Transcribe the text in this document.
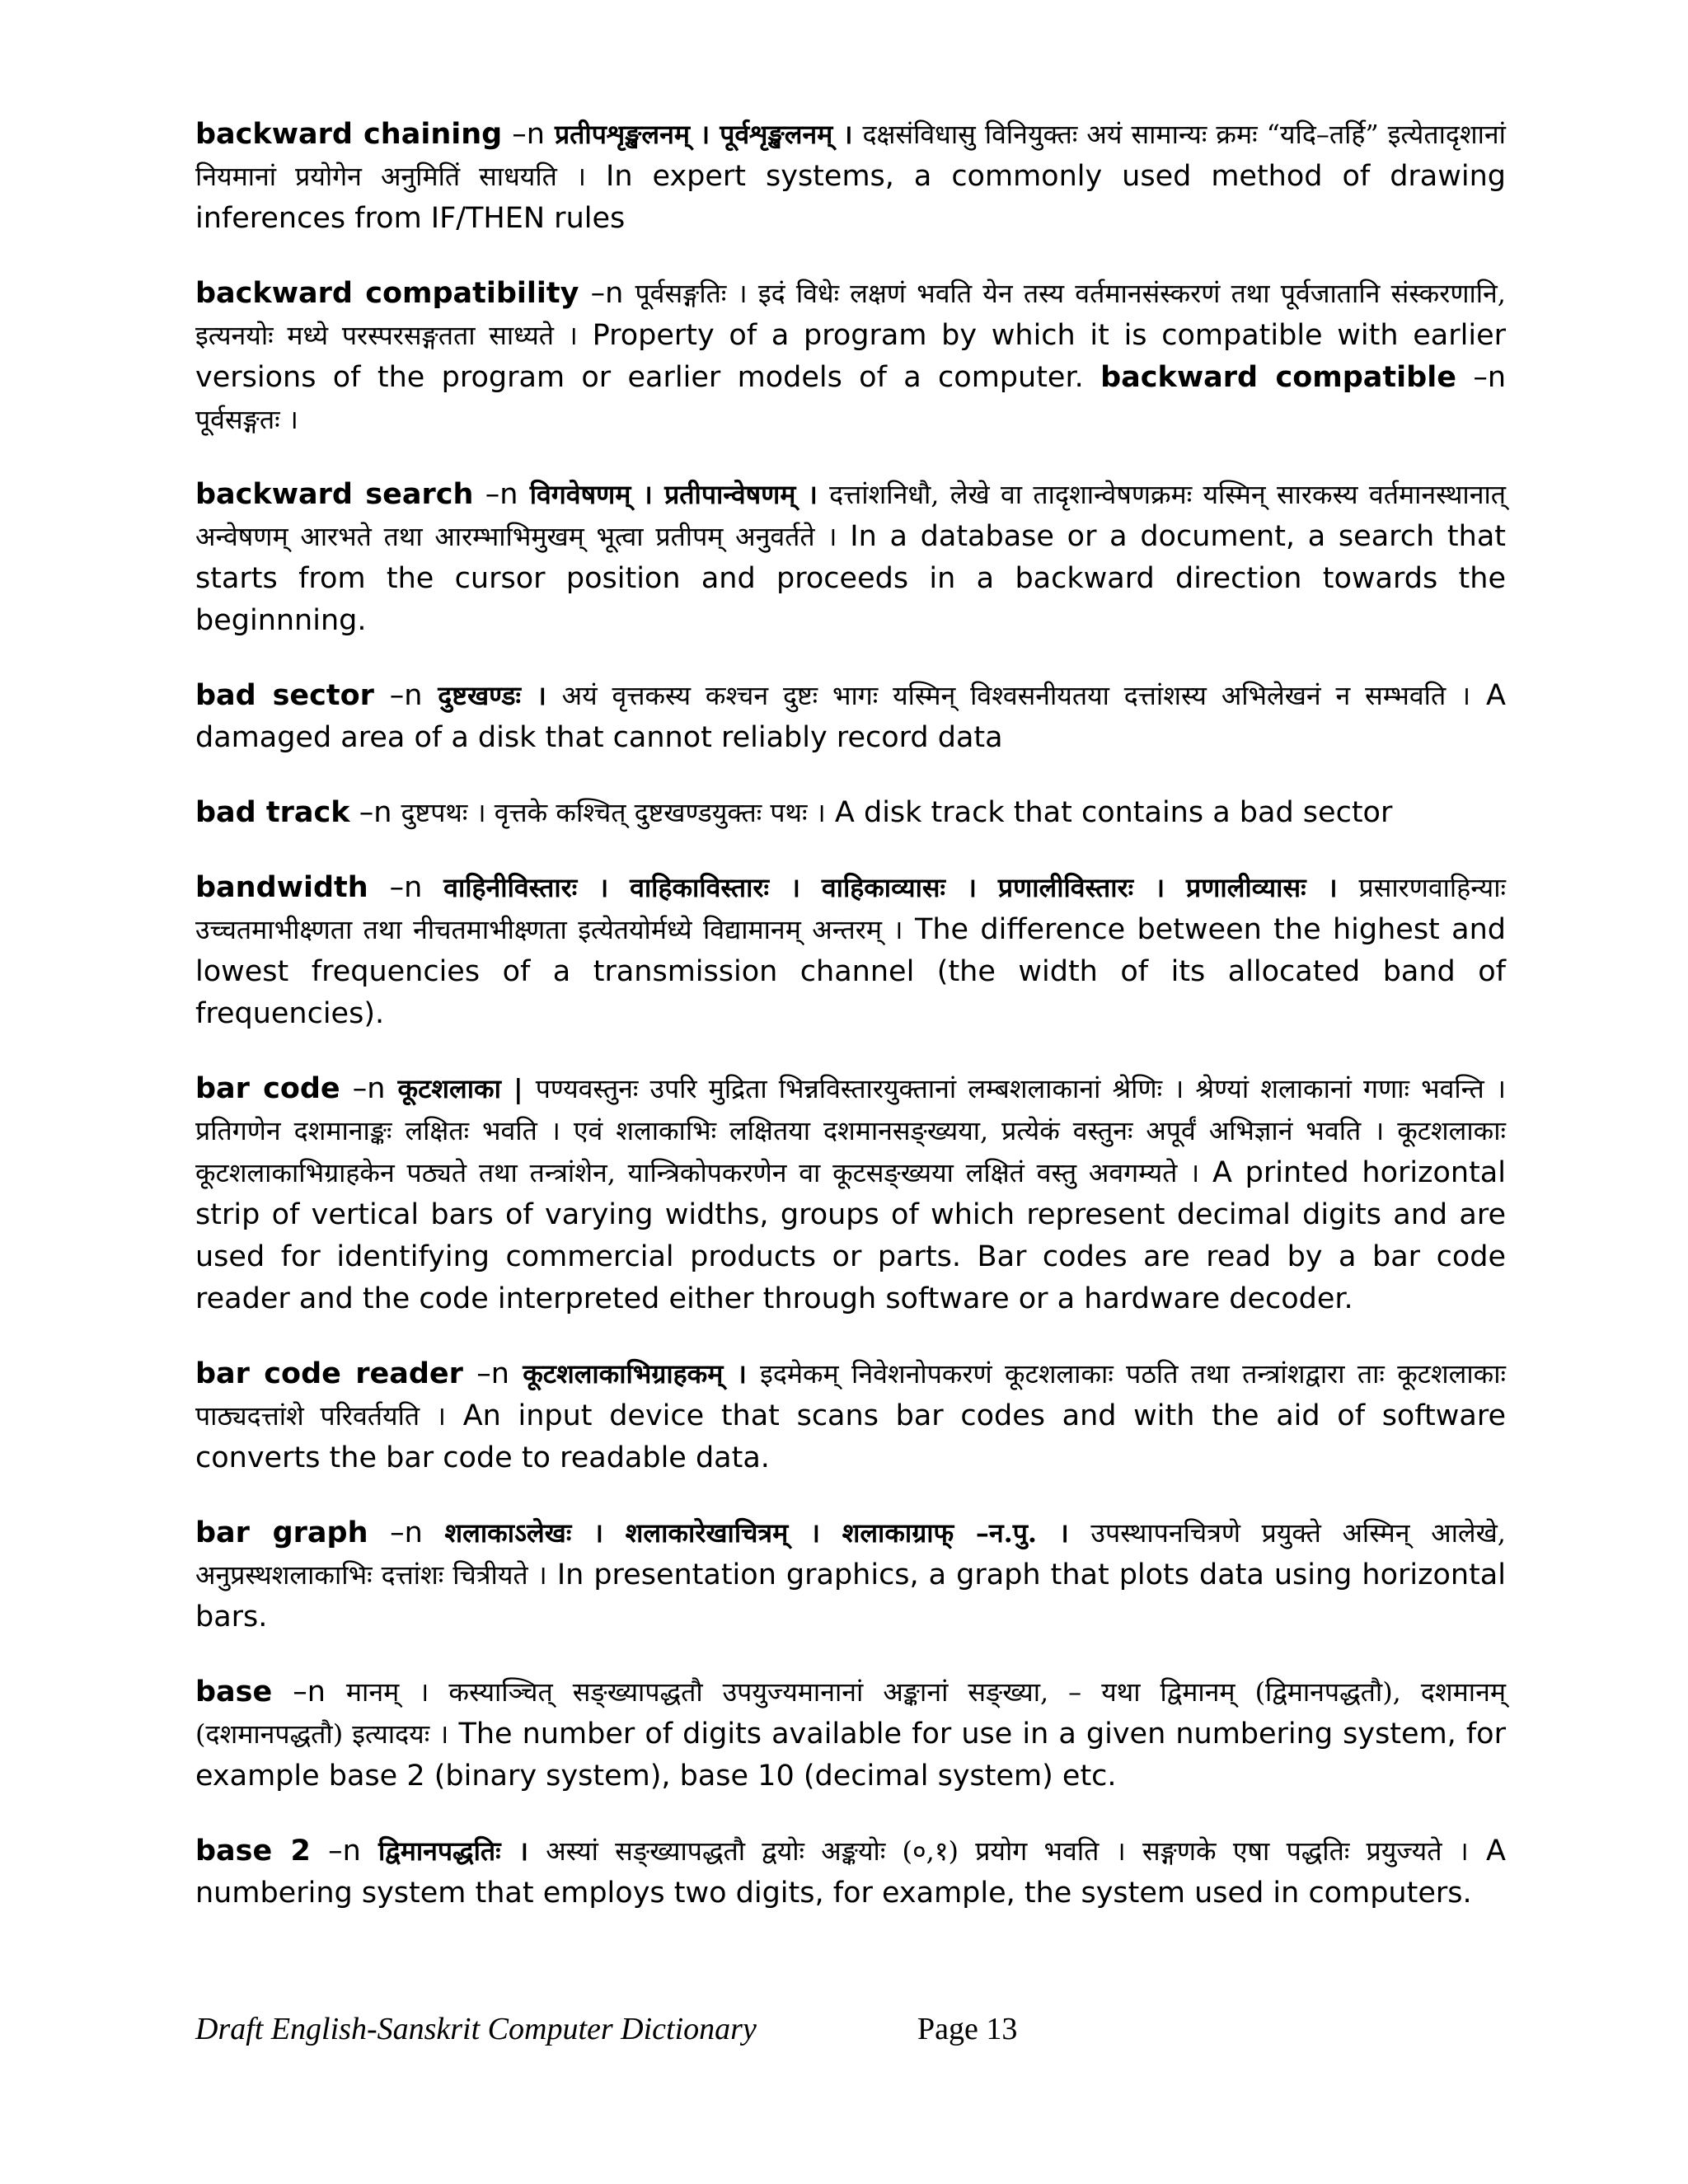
backward chaining –n प्रतीपशृङ्खलनम् । पूर्वशृङ्खलनम् । दक्षसंविधासु विनियुक्तः अयं सामान्यः क्रमः “यदि–तर्हि” इत्येतादृशानां नियमानां प्रयोगेन अनुमितिं साधयति । In expert systems, a commonly used method of drawing inferences from IF/THEN rules

backward compatibility –n पूर्वसङ्गतिः । इदं विधेः लक्षणं भवति येन तस्य वर्तमानसंस्करणं तथा पूर्वजातानि संस्करणानि, इत्यनयोः मध्ये परस्परसङ्गतता साध्यते । Property of a program by which it is compatible with earlier versions of the program or earlier models of a computer. backward compatible –n पूर्वसङ्गतः ।

backward search –n विगवेषणम् । प्रतीपान्वेषणम् । दत्तांशनिधौ, लेखे वा तादृशान्वेषणक्रमः यस्मिन् सारकस्य वर्तमानस्थानात् अन्वेषणम् आरभते तथा आरम्भाभिमुखम् भूत्वा प्रतीपम् अनुवर्तते । In a database or a document, a search that starts from the cursor position and proceeds in a backward direction towards the beginnning.

bad sector –n दुष्टखण्डः । अयं वृत्तकस्य कश्चन दुष्टः भागः यस्मिन् विश्वसनीयतया दत्तांशस्य अभिलेखनं न सम्भवति । A damaged area of a disk that cannot reliably record data

bad track –n दुष्टपथः । वृत्तके कश्चित् दुष्टखण्डयुक्तः पथः । A disk track that contains a bad sector

bandwidth –n वाहिनीविस्तारः । वाहिकाविस्तारः । वाहिकाव्यासः । प्रणालीविस्तारः । प्रणालीव्यासः । प्रसारणवाहिन्याः उच्चतमाभीक्ष्णता तथा नीचतमाभीक्ष्णता इत्येतयोर्मध्ये विद्यामानम् अन्तरम् । The difference between the highest and lowest frequencies of a transmission channel (the width of its allocated band of frequencies).

bar code –n कूटशलाका | पण्यवस्तुनः उपरि मुद्रिता भिन्नविस्तारयुक्तानां लम्बशलाकानां श्रेणिः । श्रेण्यां शलाकानां गणाः भवन्ति । प्रतिगणेन दशमानाङ्कः लक्षितः भवति । एवं शलाकाभिः लक्षितया दशमानसङ्ख्यया, प्रत्येकं वस्तुनः अपूर्वं अभिज्ञानं भवति । कूटशलाकाः कूटशलाकाभिग्राहकेन पठ्यते तथा तन्त्रांशेन, यान्त्रिकोपकरणेन वा कूटसङ्ख्यया लक्षितं वस्तु अवगम्यते । A printed horizontal strip of vertical bars of varying widths, groups of which represent decimal digits and are used for identifying commercial products or parts. Bar codes are read by a bar code reader and the code interpreted either through software or a hardware decoder.

bar code reader –n कूटशलाकाभिग्राहकम् । इदमेकम् निवेशनोपकरणं कूटशलाकाः पठति तथा तन्त्रांशद्वारा ताः कूटशलाकाः पाठ्यदत्तांशे परिवर्तयति । An input device that scans bar codes and with the aid of software converts the bar code to readable data.

bar graph –n शलाकाऽलेखः । शलाकारेखाचित्रम् । शलाकाग्राफ् –न.पु. । उपस्थापनचित्रणे प्रयुक्ते अस्मिन् आलेखे, अनुप्रस्थशलाकाभिः दत्तांशः चित्रीयते । In presentation graphics, a graph that plots data using horizontal bars.

base –n मानम् । कस्याञ्चित् सङ्ख्यापद्धतौ उपयुज्यमानानां अङ्कानां सङ्ख्या, – यथा द्विमानम् (द्विमानपद्धतौ), दशमानम् (दशमानपद्धतौ) इत्यादयः । The number of digits available for use in a given numbering system, for example base 2 (binary system), base 10 (decimal system) etc.

base 2 –n द्विमानपद्धतिः । अस्यां सङ्ख्यापद्धतौ द्वयोः अङ्कयोः (०,१) प्रयोग भवति । सङ्गणके एषा पद्धतिः प्रयुज्यते । A numbering system that employs two digits, for example, the system used in computers.

Draft English-Sanskrit Computer Dictionary	Page 13
